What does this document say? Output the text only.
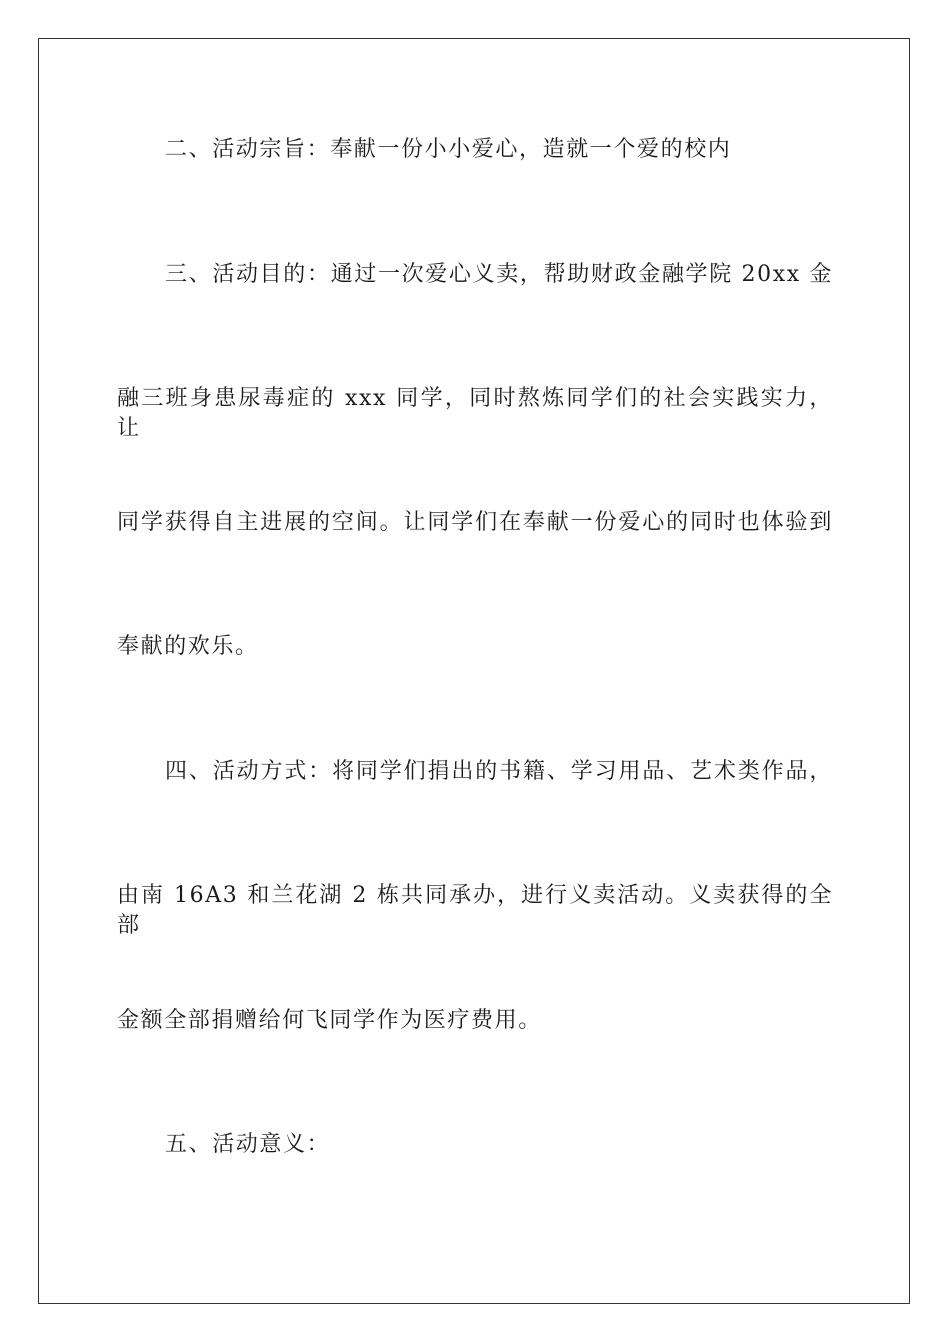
二、活动宗旨：奉献一份小小爱心，造就一个爱的校内
三、活动目的：通过一次爱心义卖，帮助财政金融学院 20xx 金
融三班身患尿毒症的 xxx 同学，同时熬炼同学们的社会实践实力，让
同学获得自主进展的空间。让同学们在奉献一份爱心的同时也体验到
奉献的欢乐。
四、活动方式：将同学们捐出的书籍、学习用品、艺术类作品，
由南 16A3 和兰花湖 2 栋共同承办，进行义卖活动。义卖获得的全部
金额全部捐赠给何飞同学作为医疗费用。
五、活动意义：
